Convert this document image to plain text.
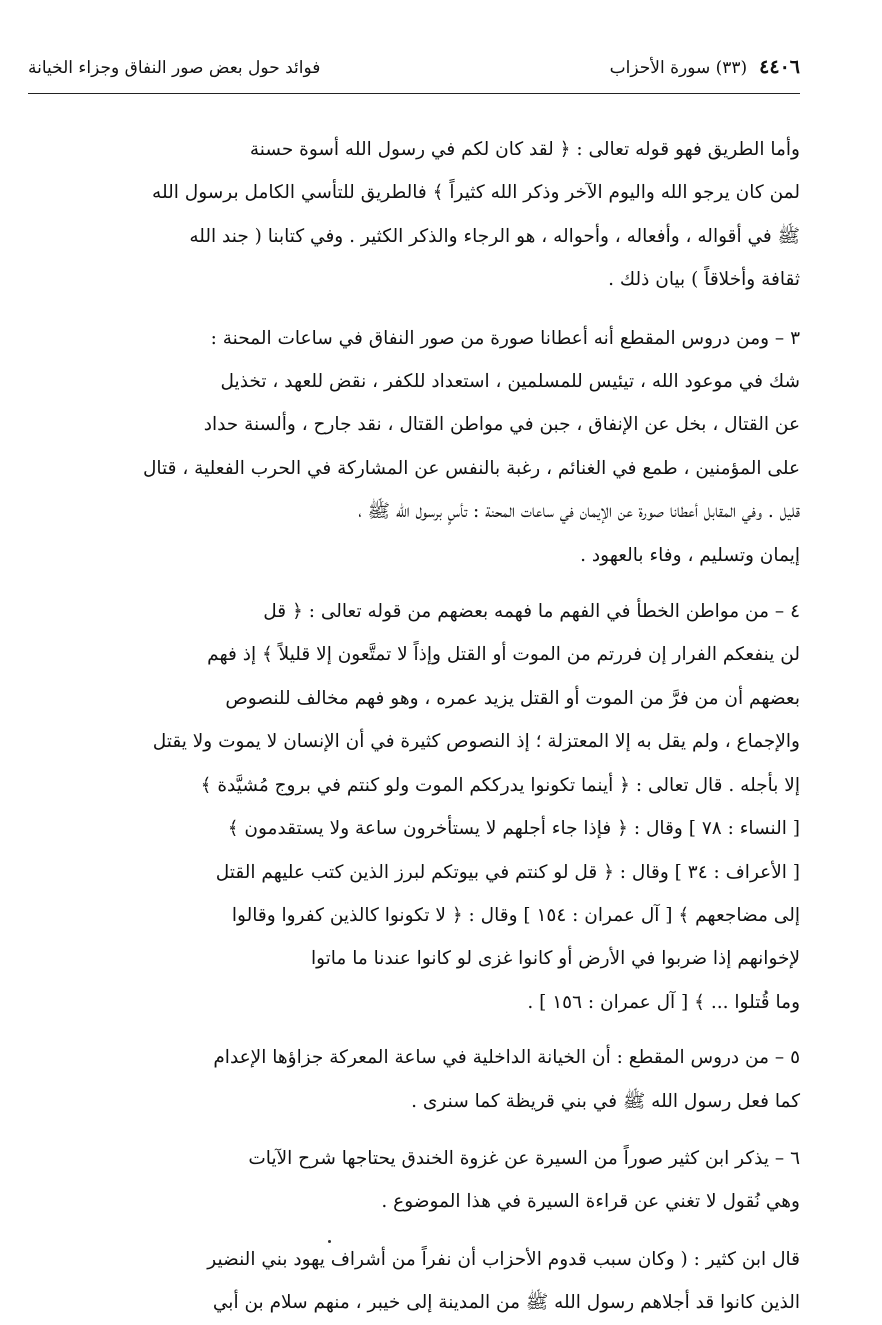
٤٤٠٦
(٣٣) سورة الأحزاب
فوائد حول بعض صور النفاق وجزاء الخيانة

وأما الطريق فهو قوله تعالى : ﴿ لقد كان لكم في رسول الله أسوة حسنة
لمن كان يرجو الله واليوم الآخر وذكر الله كثيراً ﴾ فالطريق للتأسي الكامل برسول الله
ﷺ في أقواله ، وأفعاله ، وأحواله ، هو الرجاء والذكر الكثير . وفي كتابنا ( جند الله
ثقافة وأخلاقاً ) بيان ذلك .

٣ – ومن دروس المقطع أنه أعطانا صورة من صور النفاق في ساعات المحنة :
شك في موعود الله ، تيئيس للمسلمين ، استعداد للكفر ، نقض للعهد ، تخذيل
عن القتال ، بخل عن الإنفاق ، جبن في مواطن القتال ، نقد جارح ، وألسنة حداد
على المؤمنين ، طمع في الغنائم ، رغبة بالنفس عن المشاركة في الحرب الفعلية ، قتال
قليل . وفي المقابل أعطانا صورة عن الإيمان في ساعات المحنة : تأسٍ برسول الله ﷺ ،
إيمان وتسليم ، وفاء بالعهود .

٤ – من مواطن الخطأ في الفهم ما فهمه بعضهم من قوله تعالى : ﴿ قل
لن ينفعكم الفرار إن فررتم من الموت أو القتل وإذاً لا تمتَّعون إلا قليلاً ﴾ إذ فهم
بعضهم أن من فرَّ من الموت أو القتل يزيد عمره ، وهو فهم مخالف للنصوص
والإجماع ، ولم يقل به إلا المعتزلة ؛ إذ النصوص كثيرة في أن الإنسان لا يموت ولا يقتل
إلا بأجله . قال تعالى : ﴿ أينما تكونوا يدرككم الموت ولو كنتم في بروج مُشيَّدة ﴾
[ النساء : ٧٨ ] وقال : ﴿ فإذا جاء أجلهم لا يستأخرون ساعة ولا يستقدمون ﴾
[ الأعراف : ٣٤ ] وقال : ﴿ قل لو كنتم في بيوتكم لبرز الذين كتب عليهم القتل
إلى مضاجعهم ﴾ [ آل عمران : ١٥٤ ] وقال : ﴿ لا تكونوا كالذين كفروا وقالوا
لإخوانهم إذا ضربوا في الأرض أو كانوا غزى لو كانوا عندنا ما ماتوا
وما قُتلوا ... ﴾ [ آل عمران : ١٥٦ ] .

٥ – من دروس المقطع : أن الخيانة الداخلية في ساعة المعركة جزاؤها الإعدام
كما فعل رسول الله ﷺ في بني قريظة كما سنرى .

٦ – يذكر ابن كثير صوراً من السيرة عن غزوة الخندق يحتاجها شرح الآيات
وهي نُقول لا تغني عن قراءة السيرة في هذا الموضوع .

قال ابن كثير : ( وكان سبب قدوم الأحزاب أن نفراً من أشراف يهود بني النضير
الذين كانوا قد أجلاهم رسول الله ﷺ من المدينة إلى خيبر ، منهم سلام بن أبي
